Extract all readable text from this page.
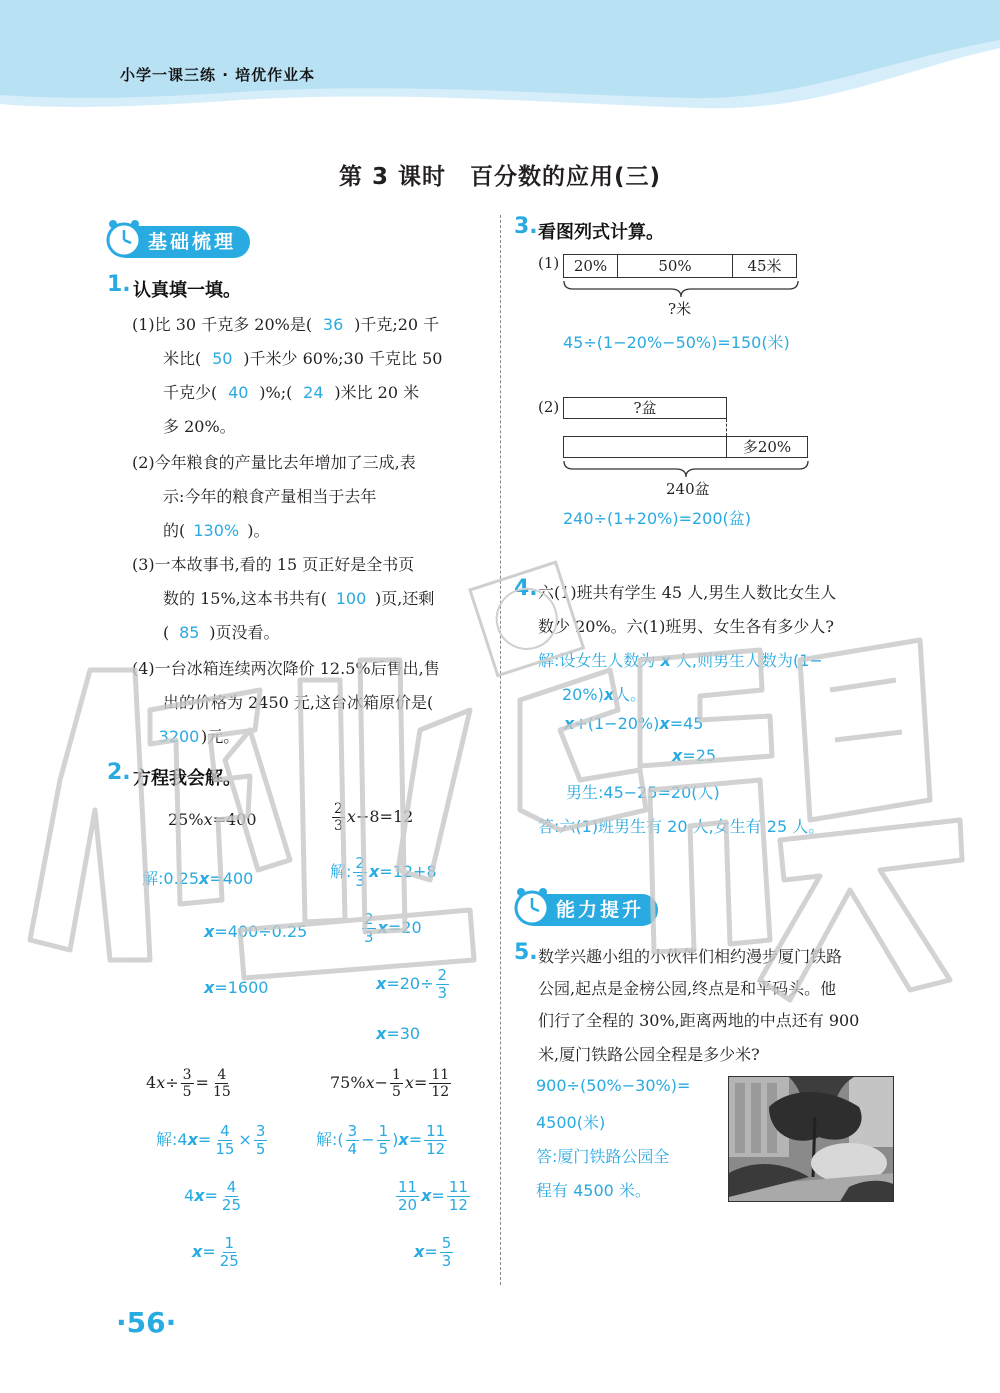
小学一课三练 · 培优作业本
第 3 课时 百分数的应用(三)
基础梳理
1. 认真填一填。
(1)比 30 千克多 20%是( 36 )千克;20 千
米比( 50 )千米少 60%;30 千克比 50
千克少( 40 )%;( 24 )米比 20 米
多 20%。
(2)今年粮食的产量比去年增加了三成,表
示:今年的粮食产量相当于去年
的( 130% )。
(3)一本故事书,看的 15 页正好是全书页
数的 15%,这本书共有( 100 )页,还剩
( 85 )页没看。
(4)一台冰箱连续两次降价 12.5%后售出,售
出的价格为 2450 元,这台冰箱原价是(
3200 )元。
2. 方程我会解。
25%x=400
解:0.25x=400
x=400÷0.25
x=1600
$\frac{2}{3} x-8=12$
解: $\frac{2}{3} x=12+8$
$\frac{2}{3} x=20$
$x=20\div \frac{2}{3}$
x=30
$4x\div \frac{3}{5} = \frac{4}{15}$
解:4x= $\frac{4}{15} \times \frac{3}{5}$
$4x= \frac{4}{25}$
$x= \frac{1}{25}$
$75\%x- \frac{1}{5} x= \frac{11}{12}$
解:( $\frac{3}{4} - \frac{1}{5} )x= \frac{11}{12}$
$\frac{11}{20} x= \frac{11}{12}$
$x= \frac{5}{3}$
3. 看图列式计算。
(1) 20%	50%	45米
?米
45÷(1−20%−50%)=150(米)
(2)	?盆
多20%
240盆
240÷(1+20%)=200(盆)
4. 六(1)班共有学生 45 人,男生人数比女生人
数少 20%。六(1)班男、女生各有多少人?
解:设女生人数为 x 人,则男生人数为(1−
20%)x人。
x+(1−20%)x=45
x=25
男生:45−25=20(人)
答:六(1)班男生有 20 人,女生有 25 人。
能力提升
5. 数学兴趣小组的小伙伴们相约漫步厦门铁路
公园,起点是金榜公园,终点是和平码头。他
们行了全程的 30%,距离两地的中点还有 900
米,厦门铁路公园全程是多少米?
900÷(50%−30%)=
4500(米)
答:厦门铁路公园全
程有 4500 米。
·56·
